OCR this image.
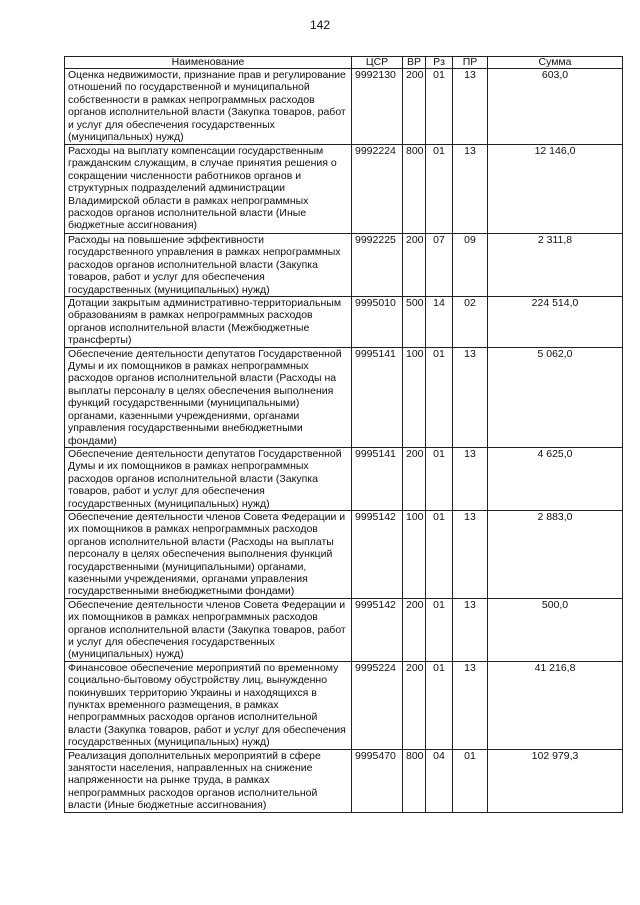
142
Наименование	ЦСР	ВР	Рз	ПР	Сумма
Оценка недвижимости, признание прав и регулирование отношений по государственной и муниципальной собственности в рамках непрограммных расходов органов исполнительной власти (Закупка товаров, работ и услуг для обеспечения государственных (муниципальных) нужд)	9992130	200	01	13	603,0
Расходы на выплату компенсации государственным гражданским служащим, в случае принятия решения о сокращении численности работников органов и структурных подразделений администрации Владимирской области в рамках непрограммных расходов органов исполнительной власти (Иные бюджетные ассигнования)	9992224	800	01	13	12 146,0
Расходы на повышение эффективности государственного управления в рамках непрограммных расходов органов исполнительной власти (Закупка товаров, работ и услуг для обеспечения государственных (муниципальных) нужд)	9992225	200	07	09	2 311,8
Дотации закрытым административно-территориальным образованиям в рамках непрограммных расходов органов исполнительной власти (Межбюджетные трансферты)	9995010	500	14	02	224 514,0
Обеспечение деятельности депутатов Государственной Думы и их помощников в рамках непрограммных расходов органов исполнительной власти (Расходы на выплаты персоналу в целях обеспечения выполнения функций государственными (муниципальными) органами, казенными учреждениями, органами управления государственными внебюджетными фондами)	9995141	100	01	13	5 062,0
Обеспечение деятельности депутатов Государственной Думы и их помощников в рамках непрограммных расходов органов исполнительной власти (Закупка товаров, работ и услуг для обеспечения государственных (муниципальных) нужд)	9995141	200	01	13	4 625,0
Обеспечение деятельности членов Совета Федерации и их помощников в рамках непрограммных расходов органов исполнительной власти (Расходы на выплаты персоналу в целях обеспечения выполнения функций государственными (муниципальными) органами, казенными учреждениями, органами управления государственными внебюджетными фондами)	9995142	100	01	13	2 883,0
Обеспечение деятельности членов Совета Федерации и их помощников в рамках непрограммных расходов органов исполнительной власти (Закупка товаров, работ и услуг для обеспечения государственных (муниципальных) нужд)	9995142	200	01	13	500,0
Финансовое обеспечение мероприятий по временному социально-бытовому обустройству лиц, вынужденно покинувших территорию Украины и находящихся в пунктах временного размещения, в рамках непрограммных расходов органов исполнительной власти (Закупка товаров, работ и услуг для обеспечения государственных (муниципальных) нужд)	9995224	200	01	13	41 216,8
Реализация дополнительных мероприятий в сфере занятости населения, направленных на снижение напряженности на рынке труда, в рамках непрограммных расходов органов исполнительной власти (Иные бюджетные ассигнования)	9995470	800	04	01	102 979,3
